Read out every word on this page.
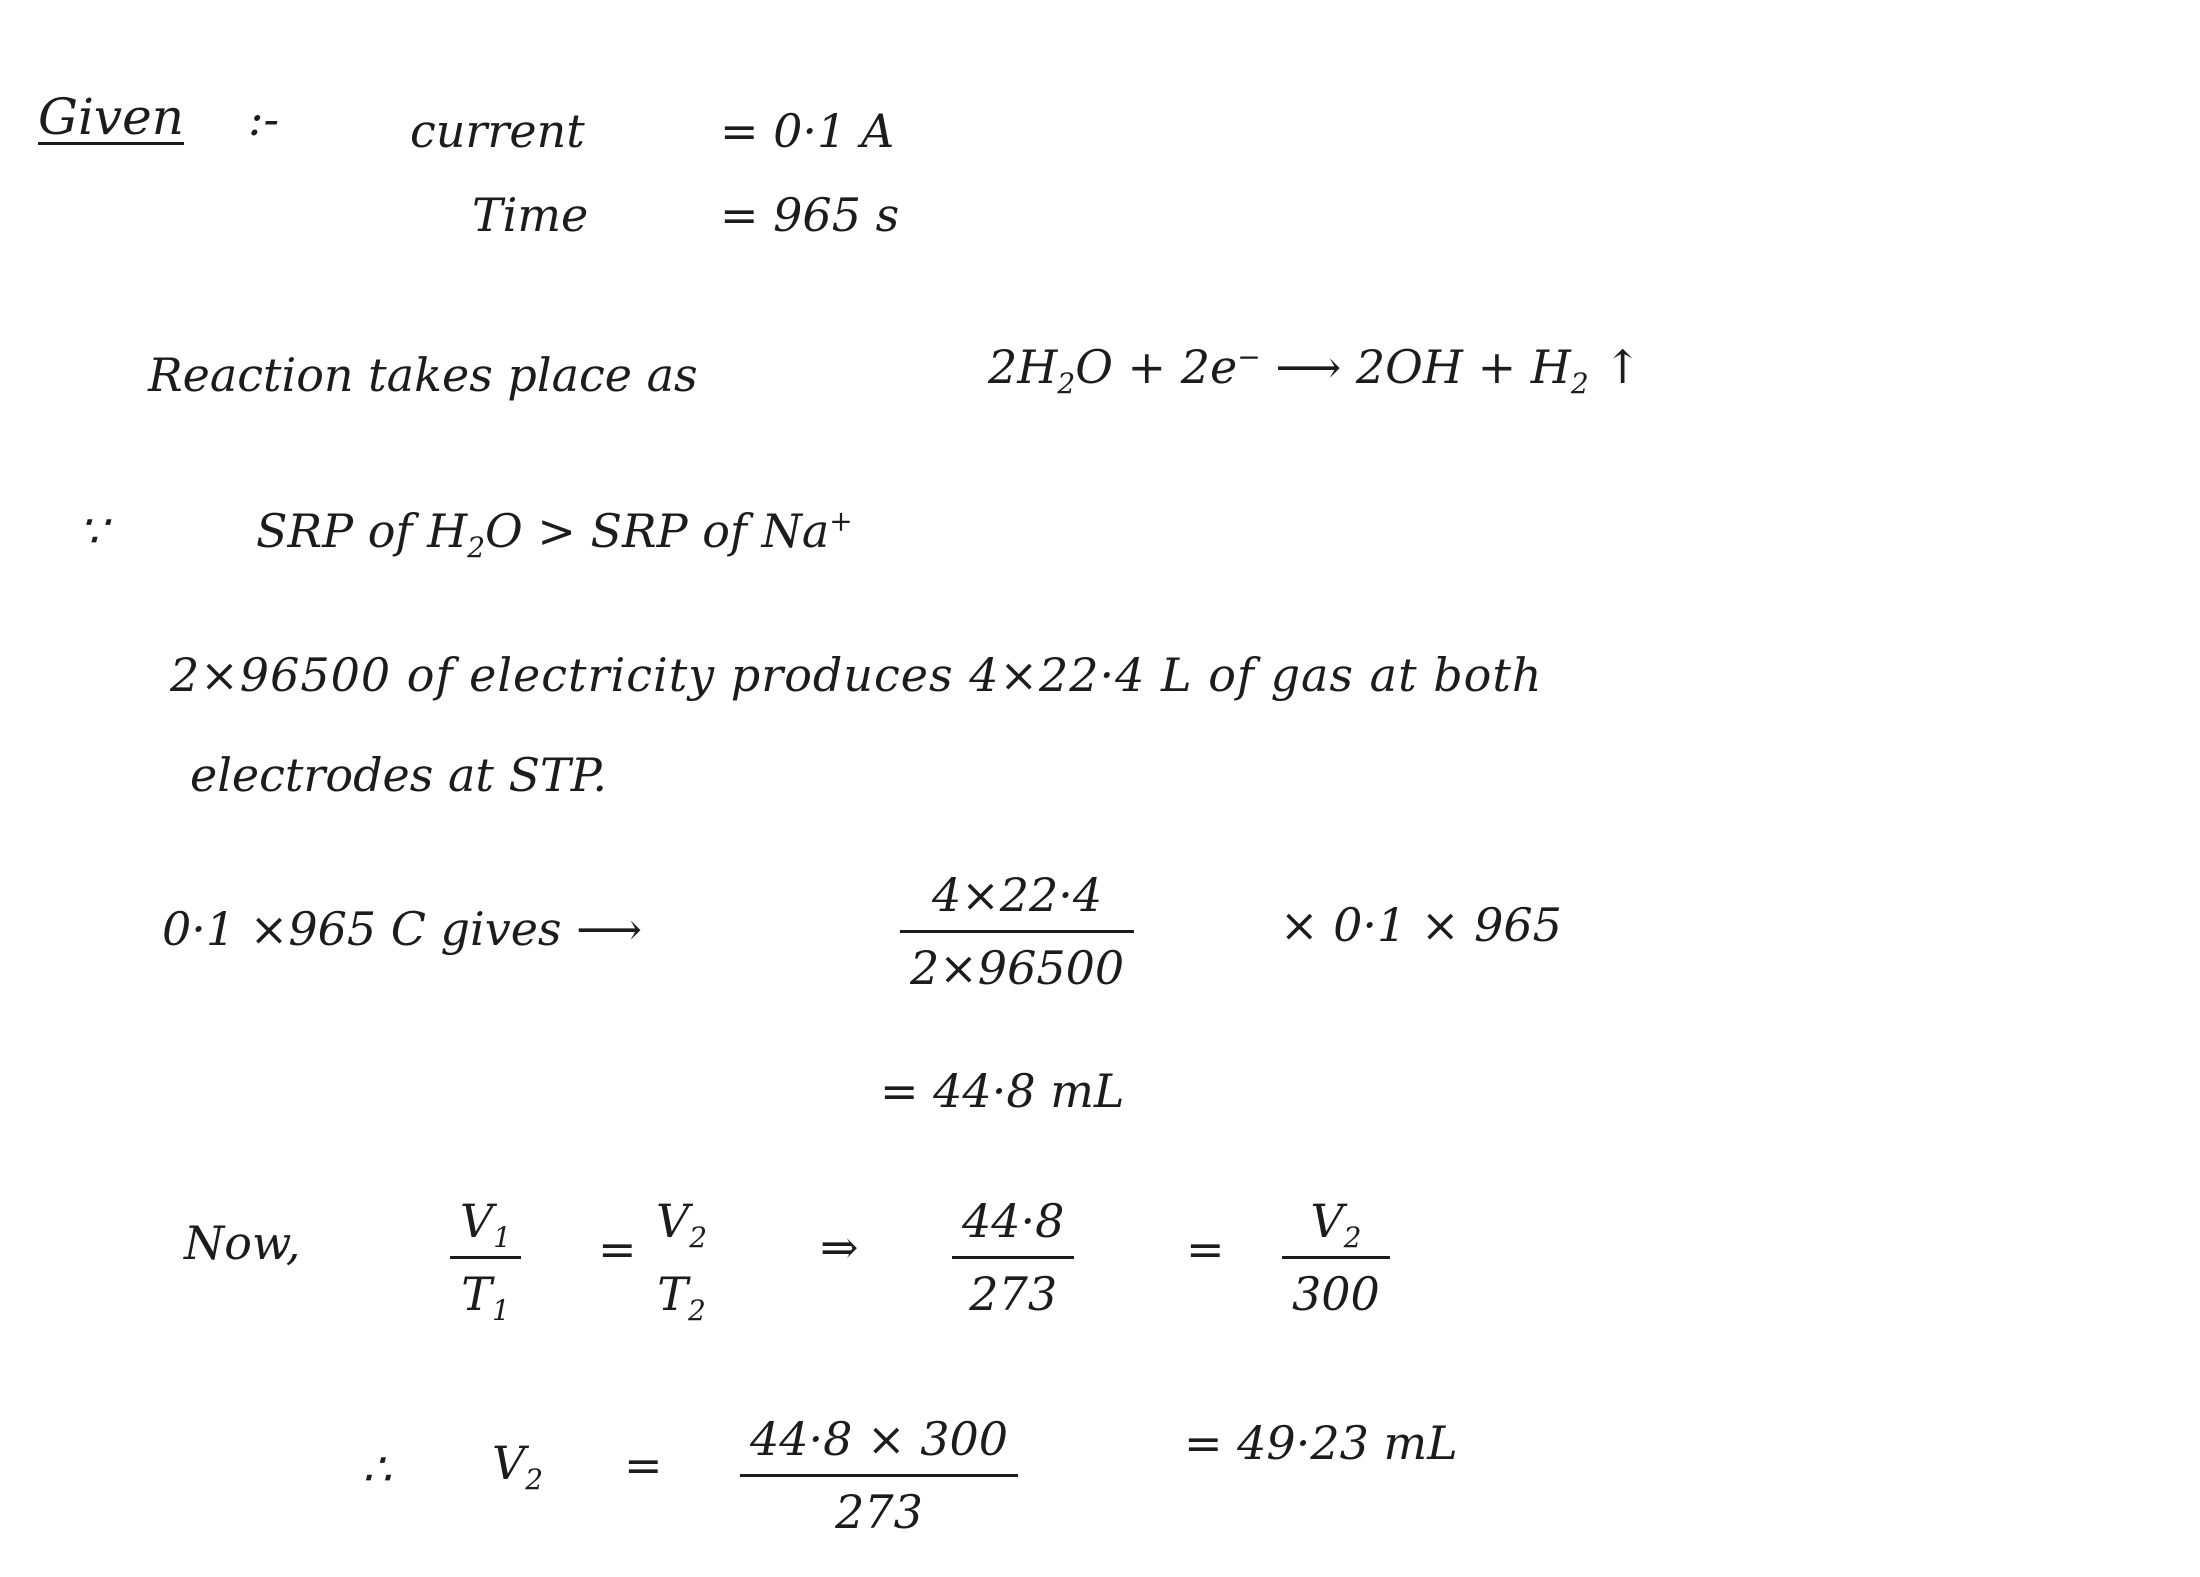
Given :-	current	= 0·1 A
Time	= 965 s
Reaction takes place as	$2H_2O + 2e^-$ ⟶ $2OH + H_2$ ↑
∵	SRP of $H_2O$ > SRP of Na+
2×96500 of electricity produces 4×22·4 L of gas at both
electrodes at STP.
0·1 ×965 C gives ⟶
4×22·4
2×96500
× 0·1 × 965
= 44·8 mL
Now,	$V_1$
$T_1$
=
$V_2$
$T_2$
⇒ 44·8
273
=
$V_2$
300
∴ $V_2 = 44\cdot 8 \times 300$
273
= 49·23 mL
